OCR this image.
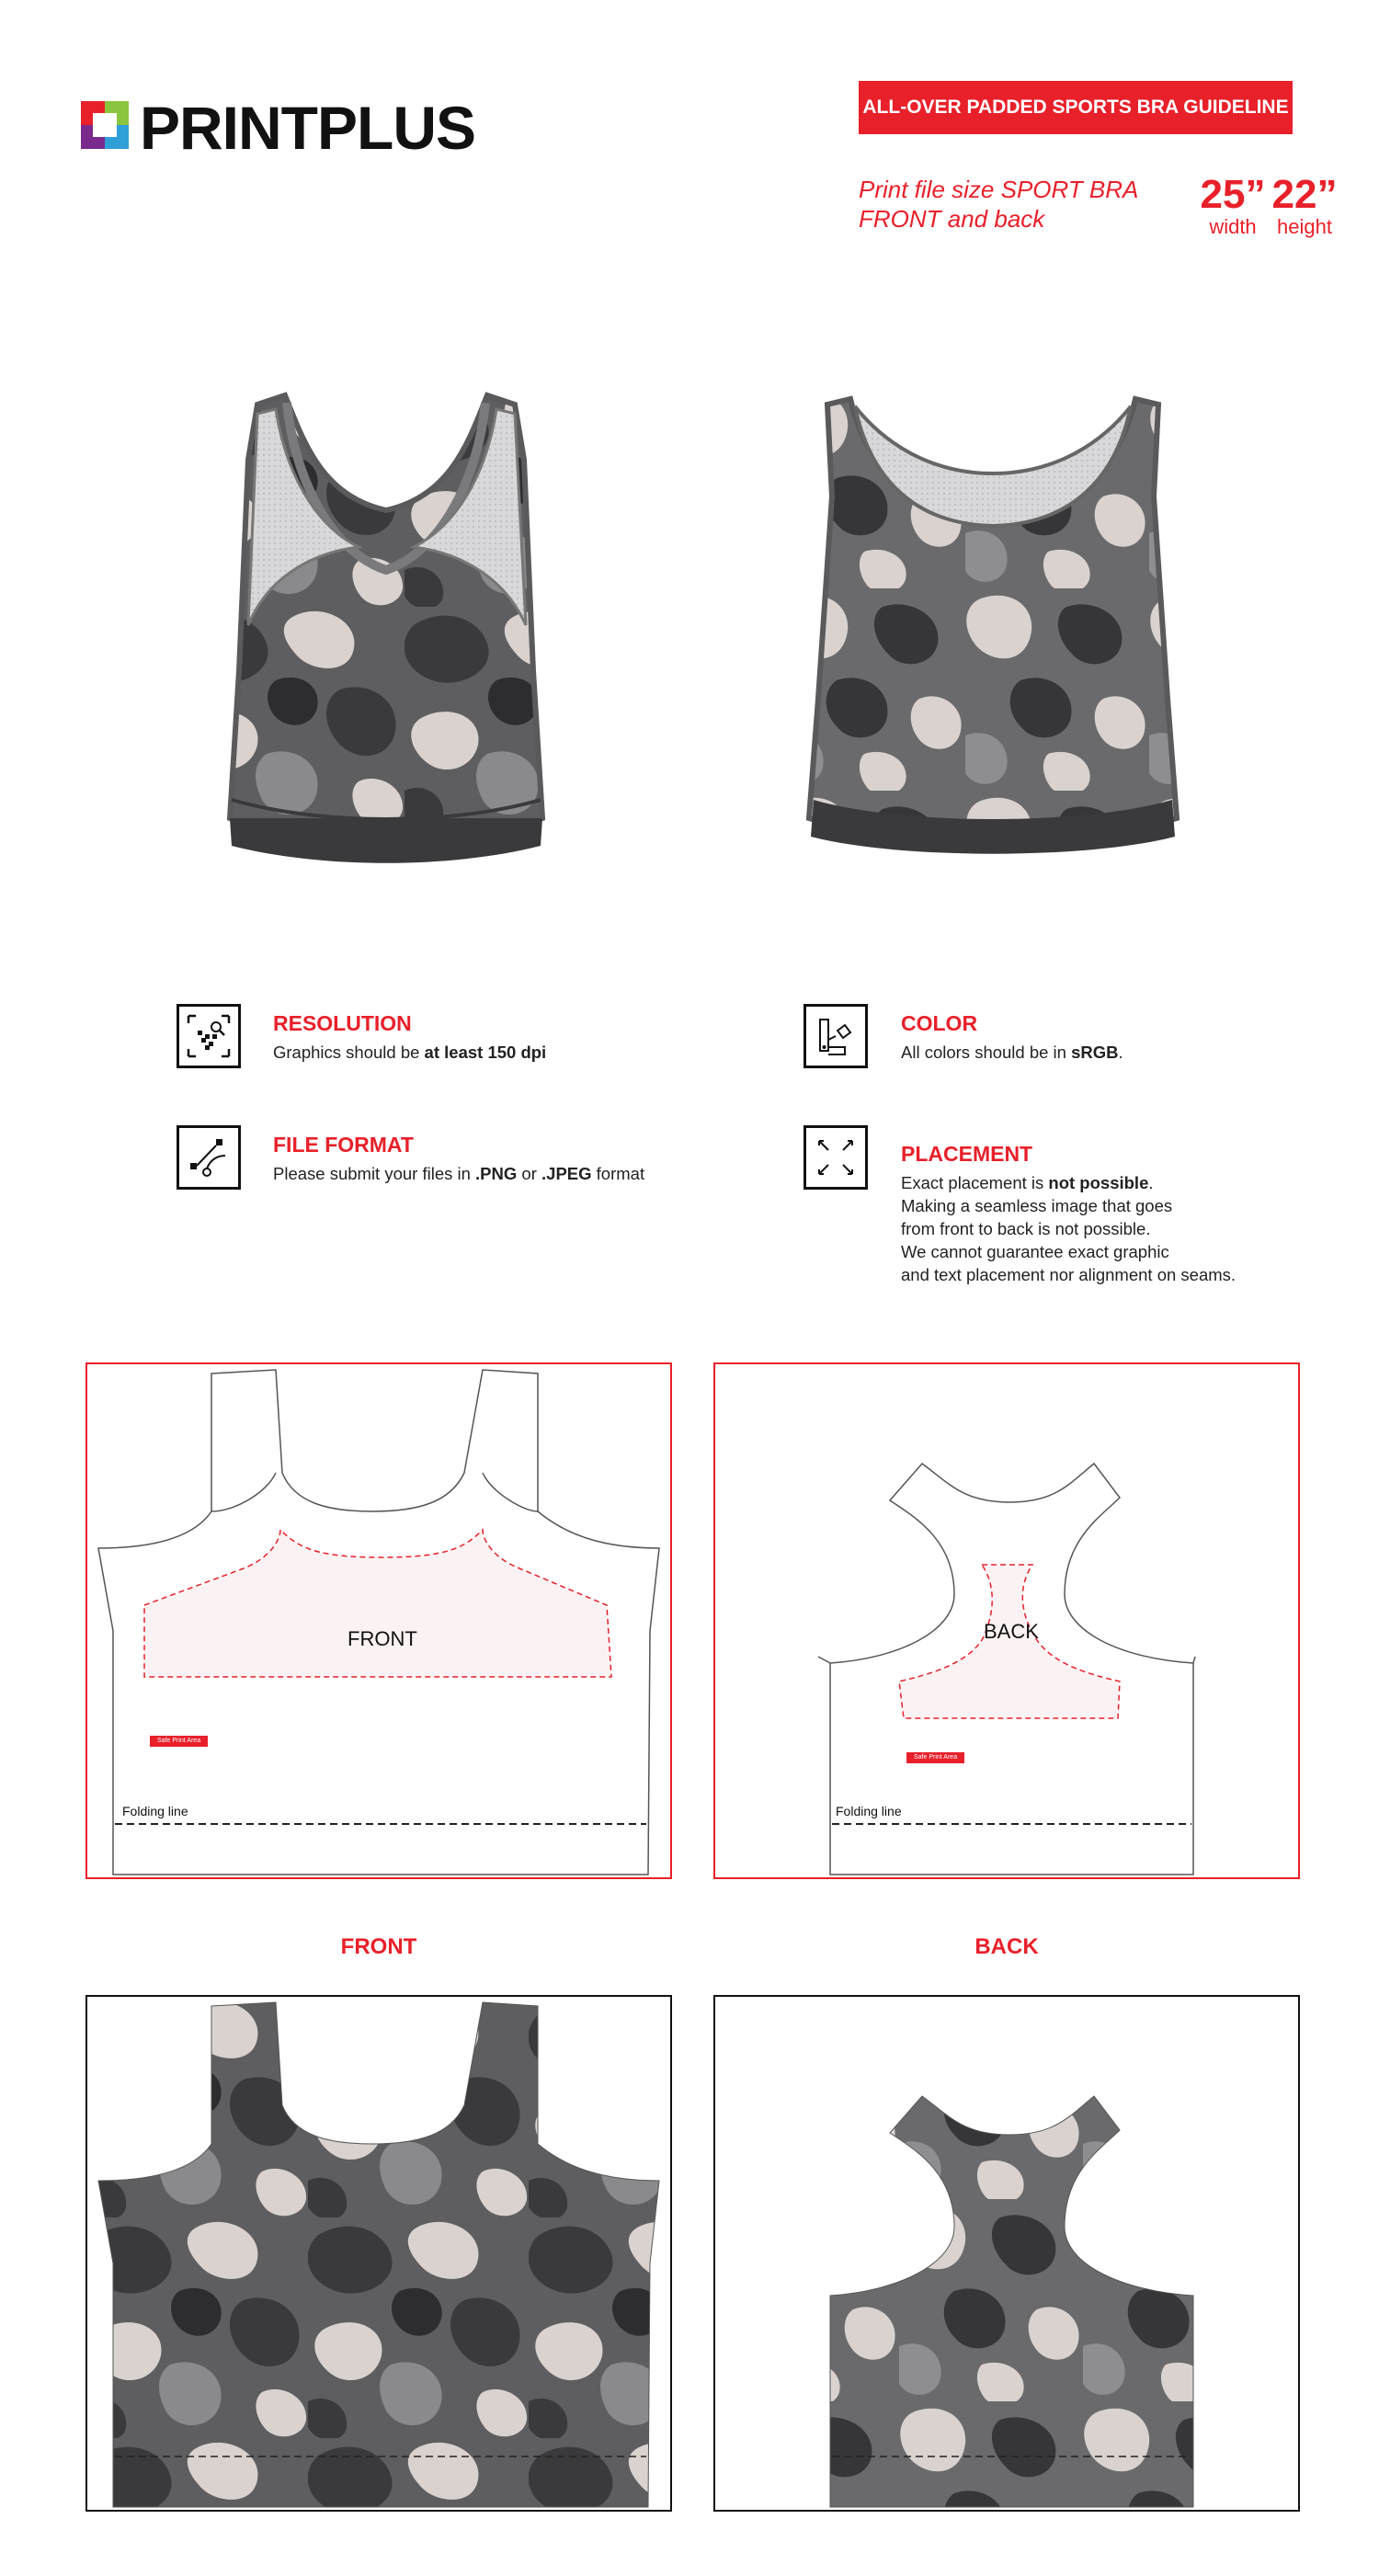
PRINTPLUS	ALL-OVER PADDED SPORTS BRA GUIDELINE
Print file size SPORT BRA
FRONT and back
25”
width
22”
height
RESOLUTION
Graphics should be at least 150 dpi
COLOR
All colors should be in sRGB.
FILE FORMAT
Please submit your files in .PNG or .JPEG format
PLACEMENT
Exact placement is not possible.
Making a seamless image that goes
from front to back is not possible.
We cannot guarantee exact graphic
and text placement nor alignment on seams.
FRONT
Safe Print Area
Folding line
BACK
Safe Print Area
Folding line
FRONT	BACK
